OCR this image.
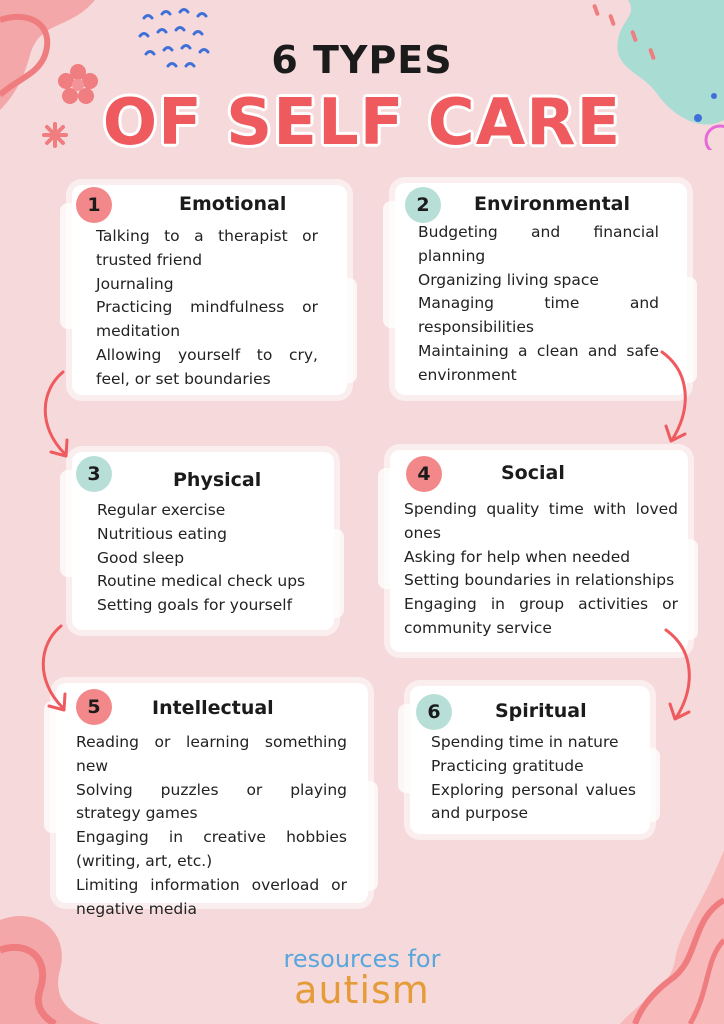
6 TYPES
OF SELF CARE
1	Emotional
Talking to a therapist or trusted friend
Journaling
Practicing mindfulness or meditation
Allowing yourself to cry, feel, or set boundaries
2	Environmental
Budgeting and financial planning
Organizing living space
Managing time and responsibilities
Maintaining a clean and safe environment
3	Physical
Regular exercise
Nutritious eating
Good sleep
Routine medical check ups
Setting goals for yourself
4	Social
Spending quality time with loved ones
Asking for help when needed
Setting boundaries in relationships
Engaging in group activities or community service
5	Intellectual
Reading or learning something new
Solving puzzles or playing strategy games
Engaging in creative hobbies (writing, art, etc.)
Limiting information overload or negative media
6	Spiritual
Spending time in nature
Practicing gratitude
Exploring personal values and purpose
resources for
autism
